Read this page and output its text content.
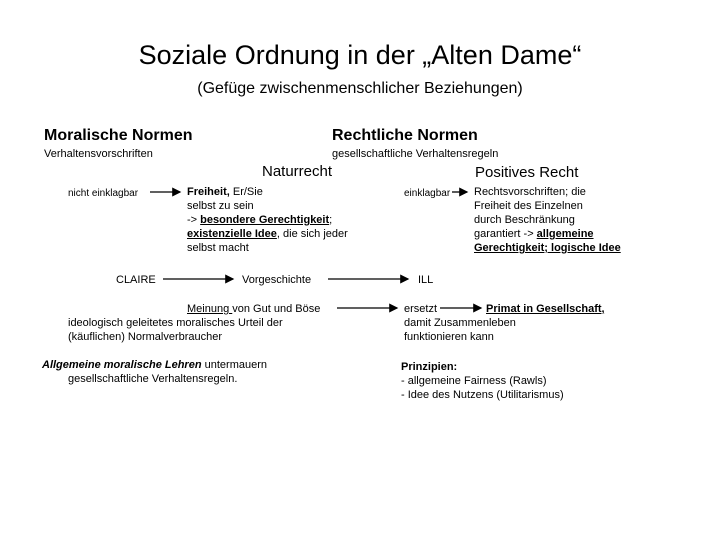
Soziale Ordnung in der „Alten Dame“
(Gefüge zwischenmenschlicher Beziehungen)
Moralische Normen
Verhaltensvorschriften
nicht einklagbar	Freiheit, Er/Sie
selbst zu sein
-> besondere Gerechtigkeit;
existenzielle Idee, die sich jeder
selbst macht
CLAIRE	Vorgeschichte
Meinung von Gut und Böse
ideologisch geleitetes moralisches Urteil der
(käuflichen) Normalverbraucher
Allgemeine moralische Lehren untermauern
gesellschaftliche Verhaltensregeln.
Rechtliche Normen
gesellschaftliche Verhaltensregeln
Naturrecht	Positives Recht
einklagbar Rechtsvorschriften; die
Freiheit des Einzelnen
durch Beschränkung
garantiert -> allgemeine
Gerechtigkeit; logische Idee
ILL
ersetzt	Primat in Gesellschaft,
damit Zusammenleben
funktionieren kann
Prinzipien:
- allgemeine Fairness (Rawls)
- Idee des Nutzens (Utilitarismus)
